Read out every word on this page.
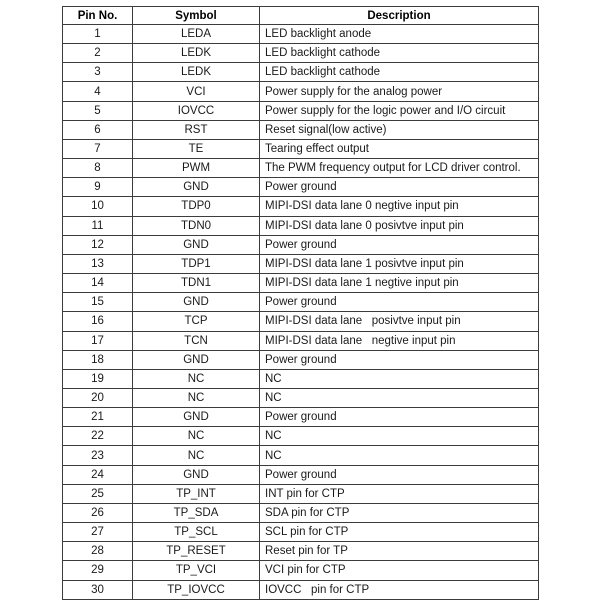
Pin No.	Symbol	Description
1	LEDA	LED backlight anode
2	LEDK	LED backlight cathode
3	LEDK	LED backlight cathode
4	VCI	Power supply for the analog power
5	IOVCC	Power supply for the logic power and I/O circuit
6	RST	Reset signal(low active)
7	TE	Tearing effect output
8	PWM	The PWM frequency output for LCD driver control.
9	GND	Power ground
10	TDP0	MIPI-DSI data lane 0 negtive input pin
11	TDN0	MIPI-DSI data lane 0 posivtve input pin
12	GND	Power ground
13	TDP1	MIPI-DSI data lane 1 posivtve input pin
14	TDN1	MIPI-DSI data lane 1 negtive input pin
15	GND	Power ground
16	TCP	MIPI-DSI data lane   posivtve input pin
17	TCN	MIPI-DSI data lane   negtive input pin
18	GND	Power ground
19	NC	NC
20	NC	NC
21	GND	Power ground
22	NC	NC
23	NC	NC
24	GND	Power ground
25	TP_INT	INT pin for CTP
26	TP_SDA	SDA pin for CTP
27	TP_SCL	SCL pin for CTP
28	TP_RESET	Reset pin for TP
29	TP_VCI	VCI pin for CTP
30	TP_IOVCC	IOVCC   pin for CTP
